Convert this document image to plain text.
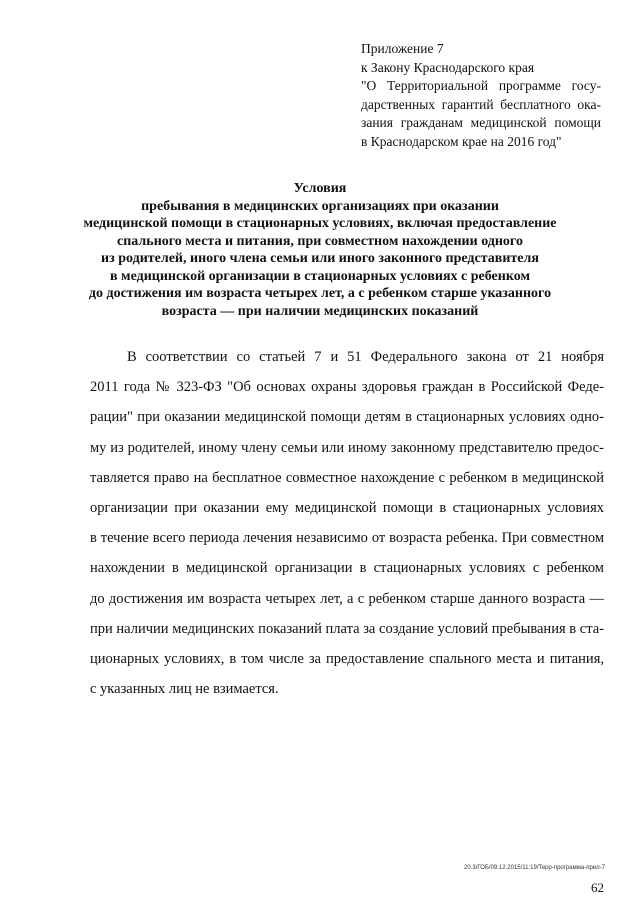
Приложение 7
к Закону Краснодарского края
"О Территориальной программе госу-
дарственных гарантий бесплатного ока-
зания гражданам медицинской помощи
в Краснодарском крае на 2016 год"
Условия
пребывания в медицинских организациях при оказании
медицинской помощи в стационарных условиях, включая предоставление
спального места и питания, при совместном нахождении одного
из родителей, иного члена семьи или иного законного представителя
в медицинской организации в стационарных условиях с ребенком
до достижения им возраста четырех лет, а с ребенком старше указанного
возраста — при наличии медицинских показаний
В соответствии со статьей 7 и 51 Федерального закона от 21 ноября
2011 года № 323-ФЗ "Об основах охраны здоровья граждан в Российской Феде-
рации" при оказании медицинской помощи детям в стационарных условиях одно-
му из родителей, иному члену семьи или иному законному представителю предос-
тавляется право на бесплатное совместное нахождение с ребенком в медицинской
организации при оказании ему медицинской помощи в стационарных условиях
в течение всего периода лечения независимо от возраста ребенка. При совместном
нахождении в медицинской организации в стационарных условиях с ребенком
до достижения им возраста четырех лет, а с ребенком старше данного возраста —
при наличии медицинских показаний плата за создание условий пребывания в ста-
ционарных условиях, в том числе за предоставление спального места и питания,
с указанных лиц не взимается.
20.3/ГОБ/09.12.2015/11:19/Терр-программа-прил-7
62
